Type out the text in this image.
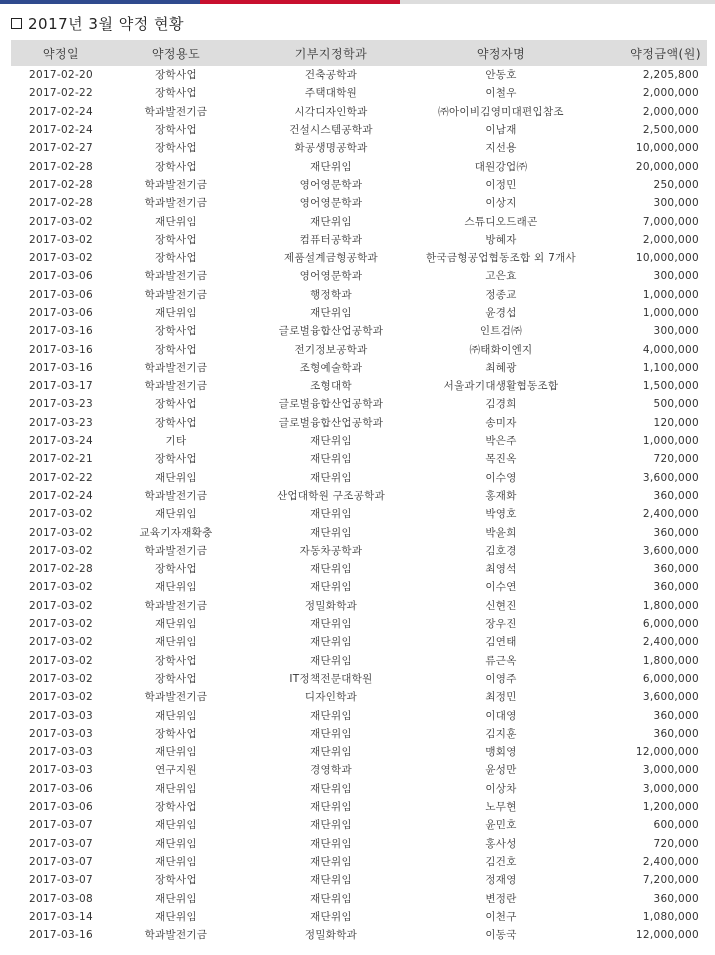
2017년 3월 약정 현황
약정일	약정용도	기부지정학과	약정자명	약정금액(원)
2017-02-20	장학사업	건축공학과	안동호	2,205,800
2017-02-22	장학사업	주택대학원	이철우	2,000,000
2017-02-24	학과발전기금	시각디자인학과	㈜아이비김영미대편입참조	2,000,000
2017-02-24	장학사업	건설시스템공학과	이남재	2,500,000
2017-02-27	장학사업	화공생명공학과	지선용	10,000,000
2017-02-28	장학사업	재단위임	대원강업㈜	20,000,000
2017-02-28	학과발전기금	영어영문학과	이정민	250,000
2017-02-28	학과발전기금	영어영문학과	이상지	300,000
2017-03-02	재단위임	재단위임	스튜디오드래곤	7,000,000
2017-03-02	장학사업	컴퓨터공학과	방혜자	2,000,000
2017-03-02	장학사업	제품설계금형공학과	한국금형공업협동조합 외 7개사	10,000,000
2017-03-06	학과발전기금	영어영문학과	고은효	300,000
2017-03-06	학과발전기금	행정학과	정종교	1,000,000
2017-03-06	재단위임	재단위임	윤경섭	1,000,000
2017-03-16	장학사업	글로벌융합산업공학과	인트검㈜	300,000
2017-03-16	장학사업	전기정보공학과	㈜태화이엔지	4,000,000
2017-03-16	학과발전기금	조형예술학과	최혜광	1,100,000
2017-03-17	학과발전기금	조형대학	서울과기대생활협동조합	1,500,000
2017-03-23	장학사업	글로벌융합산업공학과	김경희	500,000
2017-03-23	장학사업	글로벌융합산업공학과	송미자	120,000
2017-03-24	기타	재단위임	박은주	1,000,000
2017-02-21	장학사업	재단위임	목진옥	720,000
2017-02-22	재단위임	재단위임	이수영	3,600,000
2017-02-24	학과발전기금	산업대학원 구조공학과	홍재화	360,000
2017-03-02	재단위임	재단위임	박영호	2,400,000
2017-03-02	교육기자재확충	재단위임	박윤희	360,000
2017-03-02	학과발전기금	자동차공학과	김호경	3,600,000
2017-02-28	장학사업	재단위임	최영석	360,000
2017-03-02	재단위임	재단위임	이수연	360,000
2017-03-02	학과발전기금	정밀화학과	신현진	1,800,000
2017-03-02	재단위임	재단위임	장우진	6,000,000
2017-03-02	재단위임	재단위임	김연태	2,400,000
2017-03-02	장학사업	재단위임	류근옥	1,800,000
2017-03-02	장학사업	IT정책전문대학원	이영주	6,000,000
2017-03-02	학과발전기금	디자인학과	최정민	3,600,000
2017-03-03	재단위임	재단위임	이대영	360,000
2017-03-03	장학사업	재단위임	김지훈	360,000
2017-03-03	재단위임	재단위임	맹회영	12,000,000
2017-03-03	연구지원	경영학과	윤성만	3,000,000
2017-03-06	재단위임	재단위임	이상차	3,000,000
2017-03-06	장학사업	재단위임	노무현	1,200,000
2017-03-07	재단위임	재단위임	윤민호	600,000
2017-03-07	재단위임	재단위임	홍사성	720,000
2017-03-07	재단위임	재단위임	김건호	2,400,000
2017-03-07	장학사업	재단위임	정재영	7,200,000
2017-03-08	재단위임	재단위임	변정란	360,000
2017-03-14	재단위임	재단위임	이천구	1,080,000
2017-03-16	학과발전기금	정밀화학과	이동국	12,000,000
